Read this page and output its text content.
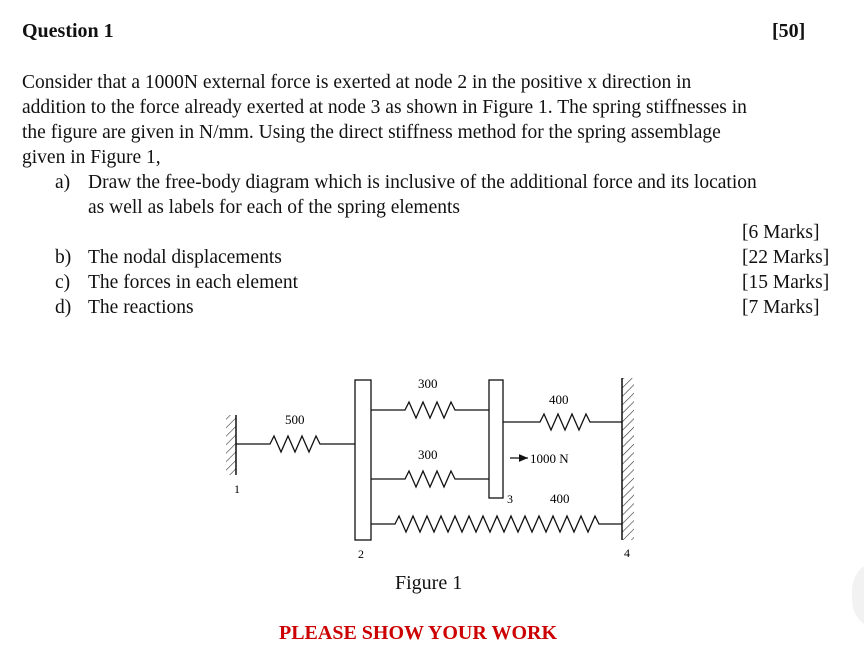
Question 1	[50]

Consider that a 1000N external force is exerted at node 2 in the positive x direction in

addition to the force already exerted at node 3 as shown in Figure 1. The spring stiffnesses in

the figure are given in N/mm. Using the direct stiffness method for the spring assemblage

given in Figure 1,

a) Draw the free-body diagram which is inclusive of the additional force and its location
as well as labels for each of the spring elements
[6 Marks]
b) The nodal displacements	[22 Marks]
c) The forces in each element	[15 Marks]
d) The reactions	[7 Marks]
500
300
300
400
400
1000 N
1
2
3
4
Figure 1
PLEASE SHOW YOUR WORK
